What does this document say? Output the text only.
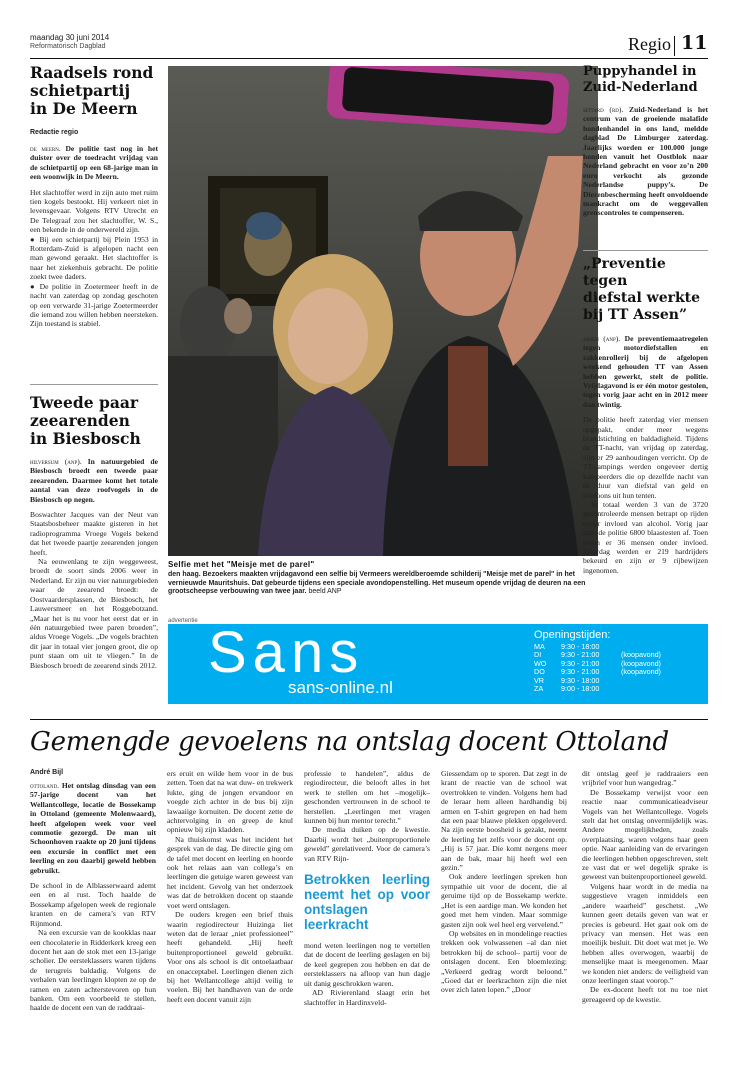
maandag 30 juni 2014
Reformatorisch Dagblad	Regio 11
Raadsels rond
schietpartij
in De Meern
Redactie regio

de meern. De politie tast nog in het duister over de toedracht vrijdag van de schietpartij op een 68-jarige man in een woonwijk in De Meern.

Het slachtoffer werd in zijn auto met ruim tien kogels bestookt. Hij verkeert niet in levensgevaar. Volgens RTV Utrecht en De Telegraaf zou het slachtoffer, W. S., een bekende in de onderwereld zijn.

● Bij een schietpartij bij Plein 1953 in Rotterdam-Zuid is afgelopen nacht een man gewond geraakt. Het slachtoffer is naar het ziekenhuis gebracht. De politie zoekt twee daders.

● De politie in Zoetermeer heeft in de nacht van zaterdag op zondag geschoten op een verwarde 31-jarige Zoetermeerder die iemand zou willen hebben neersteken. Zijn toestand is stabiel.

Tweede paar
zeearenden
in Biesbosch

hilversum (anp). In natuurgebied de Biesbosch broedt een tweede paar zeearenden. Daarmee komt het totale aantal van deze roofvogels in de Biesbosch op negen.

Boswachter Jacques van der Neut van Staatsbosbeheer maakte gisteren in het radioprogramma Vroege Vogels bekend dat het tweede paartje zeearenden jongen heeft.

Na eeuwenlang te zijn weggeweest, broedt de soort sinds 2006 weer in Nederland. Er zijn nu vier natuurgebieden waar de zeearend broedt: de Oostvaardersplassen, de Biesbosch, het Lauwersmeer en het Roggebotzand. „Maar het is nu voor het eerst dat er in één natuurgebied twee paren broeden”, aldus Vroege Vogels. „De vogels brachten dit jaar in totaal vier jongen groot, die op punt staan om uit te vliegen.” In de Biesbosch broedt de zeearend sinds 2012.

Selfie met het "Meisje met de parel"
den haag. Bezoekers maakten vrijdagavond een selfie bij Vermeers wereldberoemde schilderij "Meisje met de parel" in het vernieuwde Mauritshuis. Dat gebeurde tijdens een speciale avondopenstelling. Het museum opende vrijdag de deuren na een grootscheepse verbouwing van twee jaar. beeld ANP
Puppyhandel in
Zuid-Nederland

sittard (rd). Zuid-Nederland is het centrum van de groeiende malafide hondenhandel in ons land, meldde dagblad De Limburger zaterdag. Jaarlijks worden er 100.000 jonge honden vanuit het Oostblok naar Nederland gebracht en voor zo’n 200 euro verkocht als gezonde Nederlandse puppy’s. De Dierenbescherming heeft onvoldoende mankracht om de weggevallen grenscontroles te compenseren.

„Preventie tegen
diefstal werkte
bij TT Assen”

assen (anp). De preventiemaatregelen tegen motordiefstallen en zakkenrollerij bij de afgelopen weekend gehouden TT van Assen hebben gewerkt, stelt de politie. Vrijdagavond is er één motor gestolen, tegen vorig jaar acht en in 2012 meer dan twintig.

De politie heeft zaterdag vier mensen opgepakt, onder meer wegens brandstichting en baldadigheid. Tijdens de TT-nacht, van vrijdag op zaterdag, zijn er 29 aanhoudingen verricht. Op de TT-campings werden ongeveer dertig kampeerders die op dezelfde nacht van de duur van diefstal van geld en telefoons uit hun tenten.

In totaal werden 3 van de 3720 gecontroleerde mensen betrapt op rijden onder invloed van alcohol. Vorig jaar nam de politie 6800 blaastesten af. Toen reden er 36 mensen onder invloed. Zaterdag werden er 219 hardrijders bekeurd en zijn er 9 rijbewijzen ingenomen.

advertentie Sans
sans-online.nl
Openingstijden:
MA	9:30 - 18:00
DI	9:30 - 21:00	(koopavond)
WO	9:30 - 21:00	(koopavond)
DO	9:30 - 21:00	(koopavond)
VR	9:30 - 18:00
ZA	9:00 - 18:00
Gemengde gevoelens na ontslag docent Ottoland
André Bijl

ottoland. Het ontslag dinsdag van een 57-jarige docent van het Wellantcollege, locatie de Bossekamp in Ottoland (gemeente Molenwaard), heeft afgelopen week voor veel commotie gezorgd. De man uit Schoonhoven raakte op 20 juni tijdens een excursie in conflict met een leerling en zou daarbij geweld hebben gebruikt.

De school in de Alblasserwaard ademt een en al rust. Toch haalde de Bossekamp afgelopen week de regionale kranten en de camera’s van RTV Rijnmond.

Na een excursie van de kookklas naar een chocolaterie in Ridderkerk kreeg een docent het aan de stok met een 13-jarige scholier. De eersteklassers waren tijdens de terugreis baldadig. Volgens de verhalen van leerlingen klopten ze op de ramen en zaten achterstevoren op hun banken. Om een voorbeeld te stellen, haalde de docent een van de raddraai-

ers eruit en wilde hem voor in de bus zetten. Toen dat na wat duw- en trekwerk lukte, ging de jongen ervandoor en voegde zich achter in de bus bij zijn lawaaiige kornuiten. De docent zette de achtervolging in en greep de knul opnieuw bij zijn kladden.

Na thuiskomst was het incident het gesprek van de dag. De directie ging om de tafel met docent en leerling en hoorde ook het relaas aan van collega’s en leerlingen die getuige waren geweest van het incident. Gevolg van het onderzoek was dat de betrokken docent op staande voet werd ontslagen.

De ouders kregen een brief thuis waarin regiodirecteur Huizinga liet weten dat de leraar „niet professioneel” heeft gehandeld. „Hij heeft buitenproportioneel geweld gebruikt. Voor ons als school is dit ontoelaatbaar en onacceptabel. Leerlingen dienen zich bij het Wellantcollege altijd veilig te voelen. Bij het handhaven van de orde heeft een docent vanuit zijn

professie te handelen”, aldus de regiodirecteur, die belooft alles in het werk te stellen om het –mogelijk– geschonden vertrouwen in de school te herstellen. „Leerlingen met vragen kunnen bij hun mentor terecht.”

De media duiken op de kwestie. Daarbij wordt het „buitenproportionele geweld” gerelativeerd. Voor de camera’s van RTV Rijn-

Betrokken leerling neemt het op voor ontslagen leerkracht

mond weten leerlingen nog te vertellen dat de docent de leerling geslagen en bij de keel gegrepen zou hebben en dat de eersteklassers na afloop van hun dagje uit danig geschrokken waren.

AD Rivierenland slaagt erin het slachtoffer in Hardinxveld-

Giessendam op te sporen. Dat zegt in de krant de reactie van de school wat overtrokken te vinden. Volgens hem had de leraar hem alleen hardhandig bij armen en T-shirt gegrepen en had hem dat een paar blauwe plekken opgeleverd. Na zijn eerste boosheid is gezakt, neemt de leerling het zelfs voor de docent op. „Hij is 57 jaar. Die komt nergens meer aan de bak, maar hij heeft wel een gezin.”

Ook andere leerlingen spreken hun sympathie uit voor de docent, die al geruime tijd op de Bossekamp werkte. „Het is een aardige man. We konden het goed met hem vinden. Maar sommige gasten zijn ook wel heel erg vervelend.”

Op websites en in mondelinge reacties trekken ook volwassenen –al dan niet betrokken bij de school– partij voor de ontslagen docent. Een bloemlezing: „Verkeerd gedrag wordt beloond.” „Goed dat er leerkrachten zijn die niet over zich laten lopen.” „Door

dit ontslag geef je raddraaiers een vrijbrief voor hun wangedrag.”

De Bossekamp verwijst voor een reactie naar communicatieadviseur Vogels van het Wellantcollege. Vogels stelt dat het ontslag onvermijdelijk was. Andere mogelijkheden, zoals overplaatsing, waren volgens haar geen optie. Naar aanleiding van de ervaringen die leerlingen hebben opgeschreven, stelt ze vast dat er wel degelijk sprake is geweest van buitenproportioneel geweld.

Volgens haar wordt in de media na suggestieve vragen inmiddels een „andere waarheid” geschetst. „We kunnen geen details geven van wat er precies is gebeurd. Het gaat ook om de privacy van mensen. Het was een moeilijk besluit. Dit doet wat met je. We hebben alles overwogen, waarbij de menselijke maat is meegenomen. Maar we konden niet anders: de veiligheid van onze leerlingen staat voorop.”

De ex-docent heeft tot nu toe niet gereageerd op de kwestie.
